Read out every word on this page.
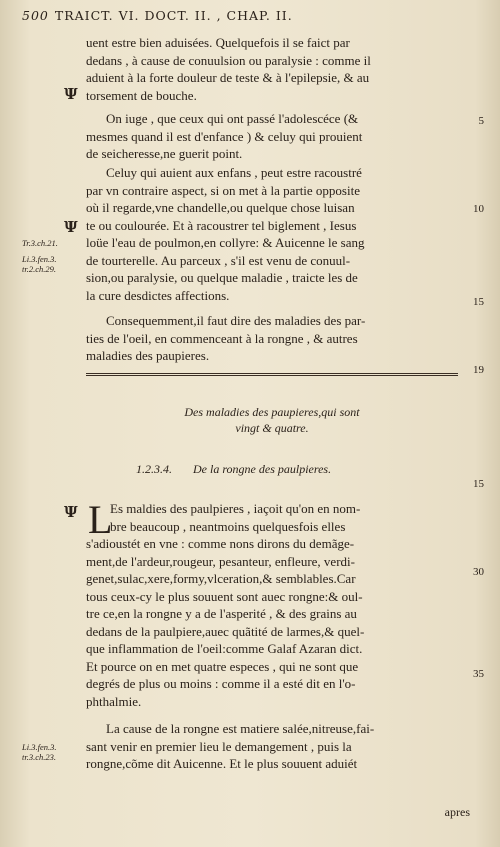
500 TRAICT. VI. DOCT. II. , CHAP. II.
uent estre bien aduisées. Quelquefois il se faict par
dedans , à cause de conuulsion ou paralysie : comme il
aduient à la forte douleur de teste & à l'epilepsie, & au
torsement de bouche.
Ψ
On iuge , que ceux qui ont passé l'adolescéce (&
mesmes quand il est d'enfance ) & celuy qui prouient
de seicheresse,ne guerit point.
5
Celuy qui auient aux enfans , peut estre racoustré
par vn contraire aspect, si on met à la partie opposite
où il regarde,vne chandelle,ou quelque chose luisan
te ou coulourée. Et à racoustrer tel biglement , Iesus
loüe l'eau de poulmon,en collyre: & Auicenne le sang
de tourterelle. Au parceux , s'il est venu de conuul-
sion,ou paralysie, ou quelque maladie , traicte les de
la cure desdictes affections.
10
Ψ
Tr.3.ch.21.
Li.3.fen.3.
tr.2.ch.29.
15
Consequemment,il faut dire des maladies des par-
ties de l'oeil, en commenceant à la rongne , & autres
maladies des paupieres.
19
Des maladies des paupieres,qui sont
vingt & quatre.
1.2.3.4. De la rongne des paulpieres.
15
Ψ L
Es maldies des paulpieres , iaçoit qu'on en nom-
bre beaucoup , neantmoins quelquesfois elles
s'adioustét en vne : comme nons dirons du demãge-
ment,de l'ardeur,rougeur, pesanteur, enfleure, verdi-
genet,sulac,xere,formy,vlceration,& semblables.Car
tous ceux-cy le plus souuent sont auec rongne:& oul-
tre ce,en la rongne y a de l'asperité , & des grains au
dedans de la paulpiere,auec quãtité de larmes,& quel-
que inflammation de l'oeil:comme Galaf Azaran dict.
Et pource on en met quatre especes , qui ne sont que
degrés de plus ou moins : comme il a esté dit en l'o-
phthalmie.
30
35
La cause de la rongne est matiere salée,nitreuse,fai-
sant venir en premier lieu le demangement , puis la
rongne,cõme dit Auicenne. Et le plus souuent aduiét
Li.3.fen.3.
tr.3.ch.23.
apres
